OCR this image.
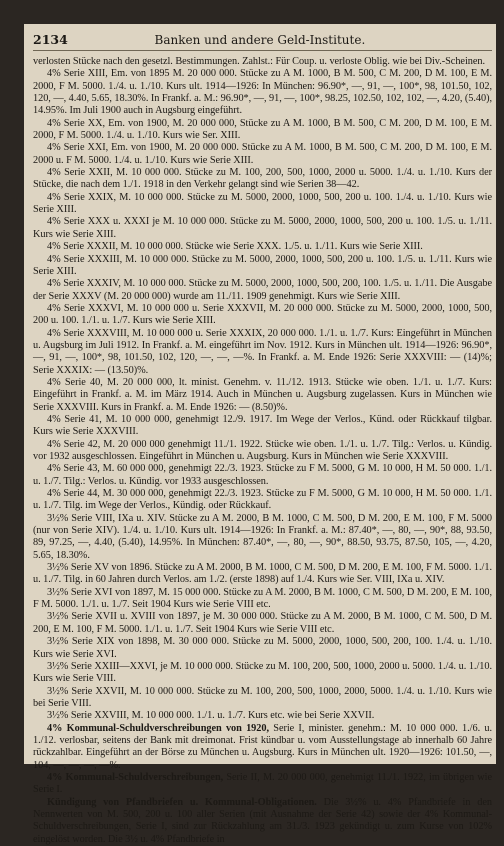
2134	Banken und andere Geld-Institute.

verlosten Stücke nach den gesetzl. Bestimmungen. Zahlst.: Für Coup. u. verloste Oblig. wie bei Div.-Scheinen.

4% Serie XIII, Em. von 1895 M. 20 000 000. Stücke zu A M. 1000, B M. 500, C M. 200, D M. 100, E M. 2000, F M. 5000. 1./4. u. 1./10. Kurs ult. 1914—1926: In München: 96.90*, —, 91, —, 100*, 98, 101.50, 102, 120, —, 4.40, 5.65, 18.30%. In Frankf. a. M.: 96.90*, —, 91, —, 100*, 98.25, 102.50, 102, 102, —, 4.20, (5.40), 14.95%. Im Juli 1900 auch in Augsburg eingeführt.

4% Serie XX, Em. von 1900, M. 20 000 000, Stücke zu A M. 1000, B M. 500, C M. 200, D M. 100, E M. 2000, F M. 5000. 1./4. u. 1./10. Kurs wie Ser. XIII.

4% Serie XXI, Em. von 1900, M. 20 000 000. Stücke zu A M. 1000, B M. 500, C M. 200, D M. 100, E M. 2000 u. F M. 5000. 1./4. u. 1./10. Kurs wie Serie XIII.

4% Serie XXII, M. 10 000 000. Stücke zu M. 100, 200, 500, 1000, 2000 u. 5000. 1./4. u. 1./10. Kurs der Stücke, die nach dem 1./1. 1918 in den Verkehr gelangt sind wie Serien 38—42.

4% Serie XXIX, M. 10 000 000. Stücke zu M. 5000, 2000, 1000, 500, 200 u. 100. 1./4. u. 1./10. Kurs wie Serie XIII.

4% Serie XXX u. XXXI je M. 10 000 000. Stücke zu M. 5000, 2000, 1000, 500, 200 u. 100. 1./5. u. 1./11. Kurs wie Serie XIII.

4% Serie XXXII, M. 10 000 000. Stücke wie Serie XXX. 1./5. u. 1./11. Kurs wie Serie XIII.

4% Serie XXXIII, M. 10 000 000. Stücke zu M. 5000, 2000, 1000, 500, 200 u. 100. 1./5. u. 1./11. Kurs wie Serie XIII.

4% Serie XXXIV, M. 10 000 000. Stücke zu M. 5000, 2000, 1000, 500, 200, 100. 1./5. u. 1./11. Die Ausgabe der Serie XXXV (M. 20 000 000) wurde am 11./11. 1909 genehmigt. Kurs wie Serie XIII.

4% Serie XXXVI, M. 10 000 000 u. Serie XXXVII, M. 20 000 000. Stücke zu M. 5000, 2000, 1000, 500, 200 u. 100. 1./1. u. 1./7. Kurs wie Serie XIII.

4% Serie XXXVIII, M. 10 000 000 u. Serie XXXIX, 20 000 000. 1./1. u. 1./7. Kurs: Eingeführt in München u. Augsburg im Juli 1912. In Frankf. a. M. eingeführt im Nov. 1912. Kurs in München ult. 1914—1926: 96.90*, —, 91, —, 100*, 98, 101.50, 102, 120, —, —, —%. In Frankf. a. M. Ende 1926: Serie XXXVIII: — (14)%; Serie XXXIX: — (13.50)%.

4% Serie 40, M. 20 000 000, lt. minist. Genehm. v. 11./12. 1913. Stücke wie oben. 1./1. u. 1./7. Kurs: Eingeführt in Frankf. a. M. im März 1914. Auch in München u. Augsburg zugelassen. Kurs in München wie Serie XXXVIII. Kurs in Frankf. a. M. Ende 1926: — (8.50)%.

4% Serie 41, M. 10 000 000, genehmigt 12./9. 1917. Im Wege der Verlos., Künd. oder Rückkauf tilgbar. Kurs wie Serie XXXVIII.

4% Serie 42, M. 20 000 000 genehmigt 11./1. 1922. Stücke wie oben. 1./1. u. 1./7. Tilg.: Verlos. u. Kündig. vor 1932 ausgeschlossen. Eingeführt in München u. Augsburg. Kurs in München wie Serie XXXVIII.

4% Serie 43, M. 60 000 000, genehmigt 22./3. 1923. Stücke zu F M. 5000, G M. 10 000, H M. 50 000. 1./1. u. 1./7. Tilg.: Verlos. u. Kündig. vor 1933 ausgeschlossen.

4% Serie 44, M. 30 000 000, genehmigt 22./3. 1923. Stücke zu F M. 5000, G M. 10 000, H M. 50 000. 1./1. u. 1./7. Tilg. im Wege der Verlos., Kündig. oder Rückkauf.

3½% Serie VIII, IXa u. XIV. Stücke zu A M. 2000, B M. 1000, C M. 500, D M. 200, E M. 100, F M. 5000 (nur von Serie XIV). 1./4. u. 1./10. Kurs ult. 1914—1926: In Frankf. a. M.: 87.40*, —, 80, —, 90*, 88, 93.50, 89, 97.25, —, 4.40, (5.40), 14.95%. In München: 87.40*, —, 80, —, 90*, 88.50, 93.75, 87.50, 105, —, 4.20, 5.65, 18.30%.

3½% Serie XV von 1896. Stücke zu A M. 2000, B M. 1000, C M. 500, D M. 200, E M. 100, F M. 5000. 1./1. u. 1./7. Tilg. in 60 Jahren durch Verlos. am 1./2. (erste 1898) auf 1./4. Kurs wie Ser. VIII, IXa u. XIV.

3½% Serie XVI von 1897, M. 15 000 000. Stücke zu A M. 2000, B M. 1000, C M. 500, D M. 200, E M. 100, F M. 5000. 1./1. u. 1./7. Seit 1904 Kurs wie Serie VIII etc.

3½% Serie XVII u. XVIII von 1897, je M. 30 000 000. Stücke zu A M. 2000, B M. 1000, C M. 500, D M. 200, E M. 100, F M. 5000. 1./1. u. 1./7. Seit 1904 Kurs wie Serie VIII etc.

3½% Serie XIX von 1898, M. 30 000 000. Stücke zu M. 5000, 2000, 1000, 500, 200, 100. 1./4. u. 1./10. Kurs wie Serie XVI.

3½% Serie XXIII—XXVI, je M. 10 000 000. Stücke zu M. 100, 200, 500, 1000, 2000 u. 5000. 1./4. u. 1./10. Kurs wie Serie VIII.

3½% Serie XXVII, M. 10 000 000. Stücke zu M. 100, 200, 500, 1000, 2000, 5000. 1./4. u. 1./10. Kurs wie bei Serie VIII.

3½% Serie XXVIII, M. 10 000 000. 1./1. u. 1./7. Kurs etc. wie bei Serie XXVII.

4% Kommunal-Schuldverschreibungen von 1920, Serie I, minister. genehm.: M. 10 000 000. 1./6. u. 1./12. verlosbar, seitens der Bank mit dreimonat. Frist kündbar u. vom Ausstellungstage ab innerhalb 60 Jahre rückzahlbar. Eingeführt an der Börse zu München u. Augsburg. Kurs in München ult. 1920—1926: 101.50, —, 104, —, —, —, —%.

4% Kommunal-Schuldverschreibungen, Serie II, M. 20 000 000, genehmigt 11./1. 1922, im übrigen wie Serie I.

Kündigung von Pfandbriefen u. Kommunal-Obligationen. Die 3½% u. 4% Pfandbriefe in den Nennwerten von M. 500, 200 u. 100 aller Serien (mit Ausnahme der Serie 42) sowie der 4% Kommunal-Schuldverschreibungen, Serie I, sind zur Rückzahlung am 31./3. 1923 gekündigt u. zum Kurse von 102% eingelöst worden. Die 3½ u. 4% Pfandbriefe in
